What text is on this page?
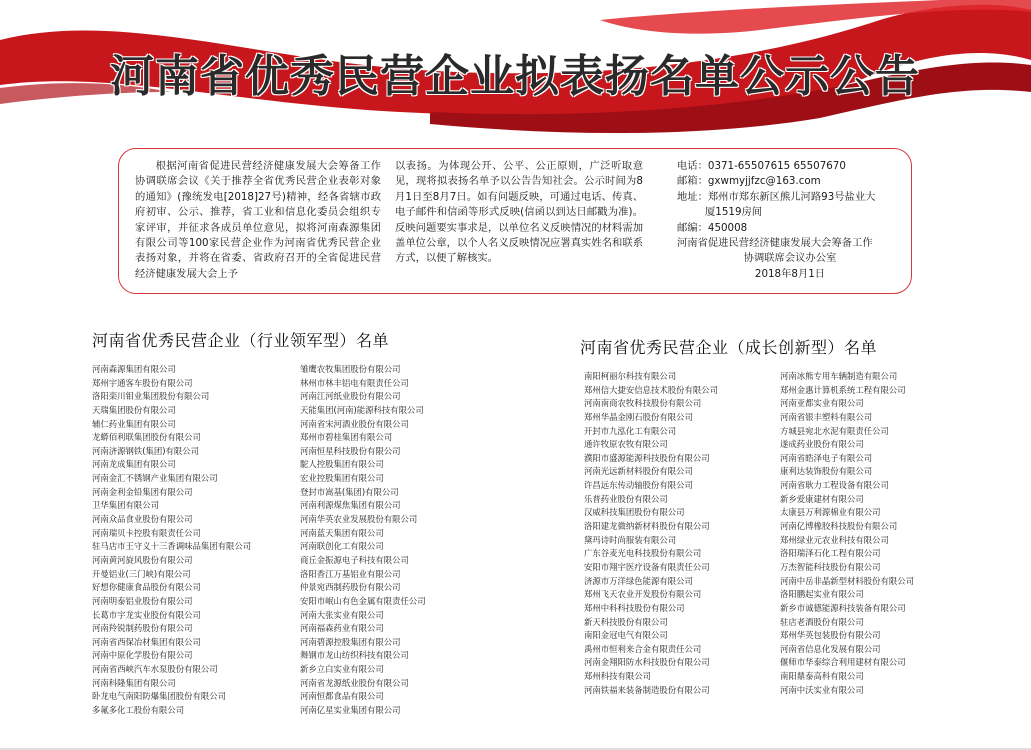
河南省优秀民营企业拟表扬名单公示公告

根据河南省促进民营经济健康发展大会筹备工作协调联席会议《关于推荐全省优秀民营企业表彰对象的通知》(豫统发电[2018]27号)精神，经各省辖市政府初审、公示、推荐，省工业和信息化委员会组织专家评审，并征求各成员单位意见，拟将河南森源集团有限公司等100家民营企业作为河南省优秀民营企业表扬对象，并将在省委、省政府召开的全省促进民营经济健康发展大会上予

以表扬。为体现公开、公平、公正原则，广泛听取意见，现将拟表扬名单予以公告告知社会。公示时间为8月1日至8月7日。如有问题反映，可通过电话、传真、电子邮件和信函等形式反映(信函以到达日邮戳为准)。反映问题要实事求是，以单位名义反映情况的材料需加盖单位公章，以个人名义反映情况应署真实姓名和联系方式，以便了解核实。

电话：0371-65507615 65507670

邮箱：gxwmyjjfzc@163.com

地址：郑州市郑东新区熊儿河路93号盐业大

厦1519房间

邮编：450008

河南省促进民营经济健康发展大会筹备工作

协调联席会议办公室

2018年8月1日

河南省优秀民营企业（行业领军型）名单
河南森源集团有限公司
郑州宇通客车股份有限公司
洛阳栾川钼业集团股份有限公司
天瑞集团股份有限公司
辅仁药业集团有限公司
龙蟒佰利联集团股份有限公司
河南济源钢铁(集团)有限公司
河南龙成集团有限公司
河南金汇不锈钢产业集团有限公司
河南金利金铅集团有限公司
卫华集团有限公司
河南众品食业股份有限公司
河南瑞贝卡控股有限责任公司
驻马店市王守义十三香调味品集团有限公司
河南黄河旋风股份有限公司
开曼铝业(三门峡)有限公司
好想你健康食品股份有限公司
河南明泰铝业股份有限公司
长葛市宇龙实业股份有限公司
河南羚锐制药股份有限公司
河南省西保冶材集团有限公司
河南中原化学股份有限公司
河南省西峡汽车水泵股份有限公司
河南科隆集团有限公司
卧龙电气南阳防爆集团股份有限公司
多氟多化工股份有限公司
雏鹰农牧集团股份有限公司
林州市林丰铝电有限责任公司
河南江河纸业股份有限公司
天能集团(河南)能源科技有限公司
河南省宋河酒业股份有限公司
郑州市碧桂集团有限公司
河南恒星科技股份有限公司
駝人控股集团有限公司
宏业控股集团有限公司
登封市嵩基(集团)有限公司
河南利源煤焦集团有限公司
河南华英农业发展股份有限公司
河南蓝天集团有限公司
河南联创化工有限公司
商丘金振源电子科技有限公司
洛阳香江万基铝业有限公司
仲景宛西制药股份有限公司
安阳市岷山有色金属有限责任公司
河南大张实业有限公司
河南福森药业有限公司
河南碧源控股集团有限公司
舞钢市龙山纺织科技有限公司
新乡立白实业有限公司
河南省龙源纸业股份有限公司
河南恒都食品有限公司
河南亿星实业集团有限公司
河南省优秀民营企业（成长创新型）名单
南阳柯丽尔科技有限公司
郑州信大捷安信息技术股份有限公司
河南南商农牧科技股份有限公司
郑州华晶金刚石股份有限公司
开封市九泓化工有限公司
通许牧原农牧有限公司
濮阳市盛源能源科技股份有限公司
河南光远新材料股份有限公司
许昌远东传动轴股份有限公司
乐普药业股份有限公司
汉威科技集团股份有限公司
洛阳建龙微纳新材料股份有限公司
黛玛诗时尚服装有限公司
广东谷麦光电科技股份有限公司
安阳市翔宇医疗设备有限责任公司
济源市万洋绿色能源有限公司
郑州飞天农业开发股份有限公司
郑州中科科技股份有限公司
新天科技股份有限公司
南阳金冠电气有限公司
禹州市恒利来合金有限责任公司
河南金翔阳防水科技股份有限公司
郑州科技有限公司
河南铁福来装备制造股份有限公司
河南冰熊专用车辆制造有限公司
郑州金惠计算机系统工程有限公司
河南亚都实业有限公司
河南省银丰塑料有限公司
方城县宛北水泥有限责任公司
遂成药业股份有限公司
河南省皓泽电子有限公司
康利达装饰股份有限公司
河南省耿力工程设备有限公司
新乡爱康建材有限公司
太康县万利源棉业有限公司
河南亿博橡胶科技股份有限公司
郑州绿业元农业科技有限公司
洛阳瑞泽石化工程有限公司
万杰智能科技股份有限公司
河南中岳非晶新型材料股份有限公司
洛阳鹏起实业有限公司
新乡市诚德能源科技装备有限公司
驻店老酒股份有限公司
郑州华英包装股份有限公司
河南省信息化发展有限公司
偃师市华泰综合利用建材有限公司
南阳鼎泰高科有限公司
河南中沃实业有限公司
